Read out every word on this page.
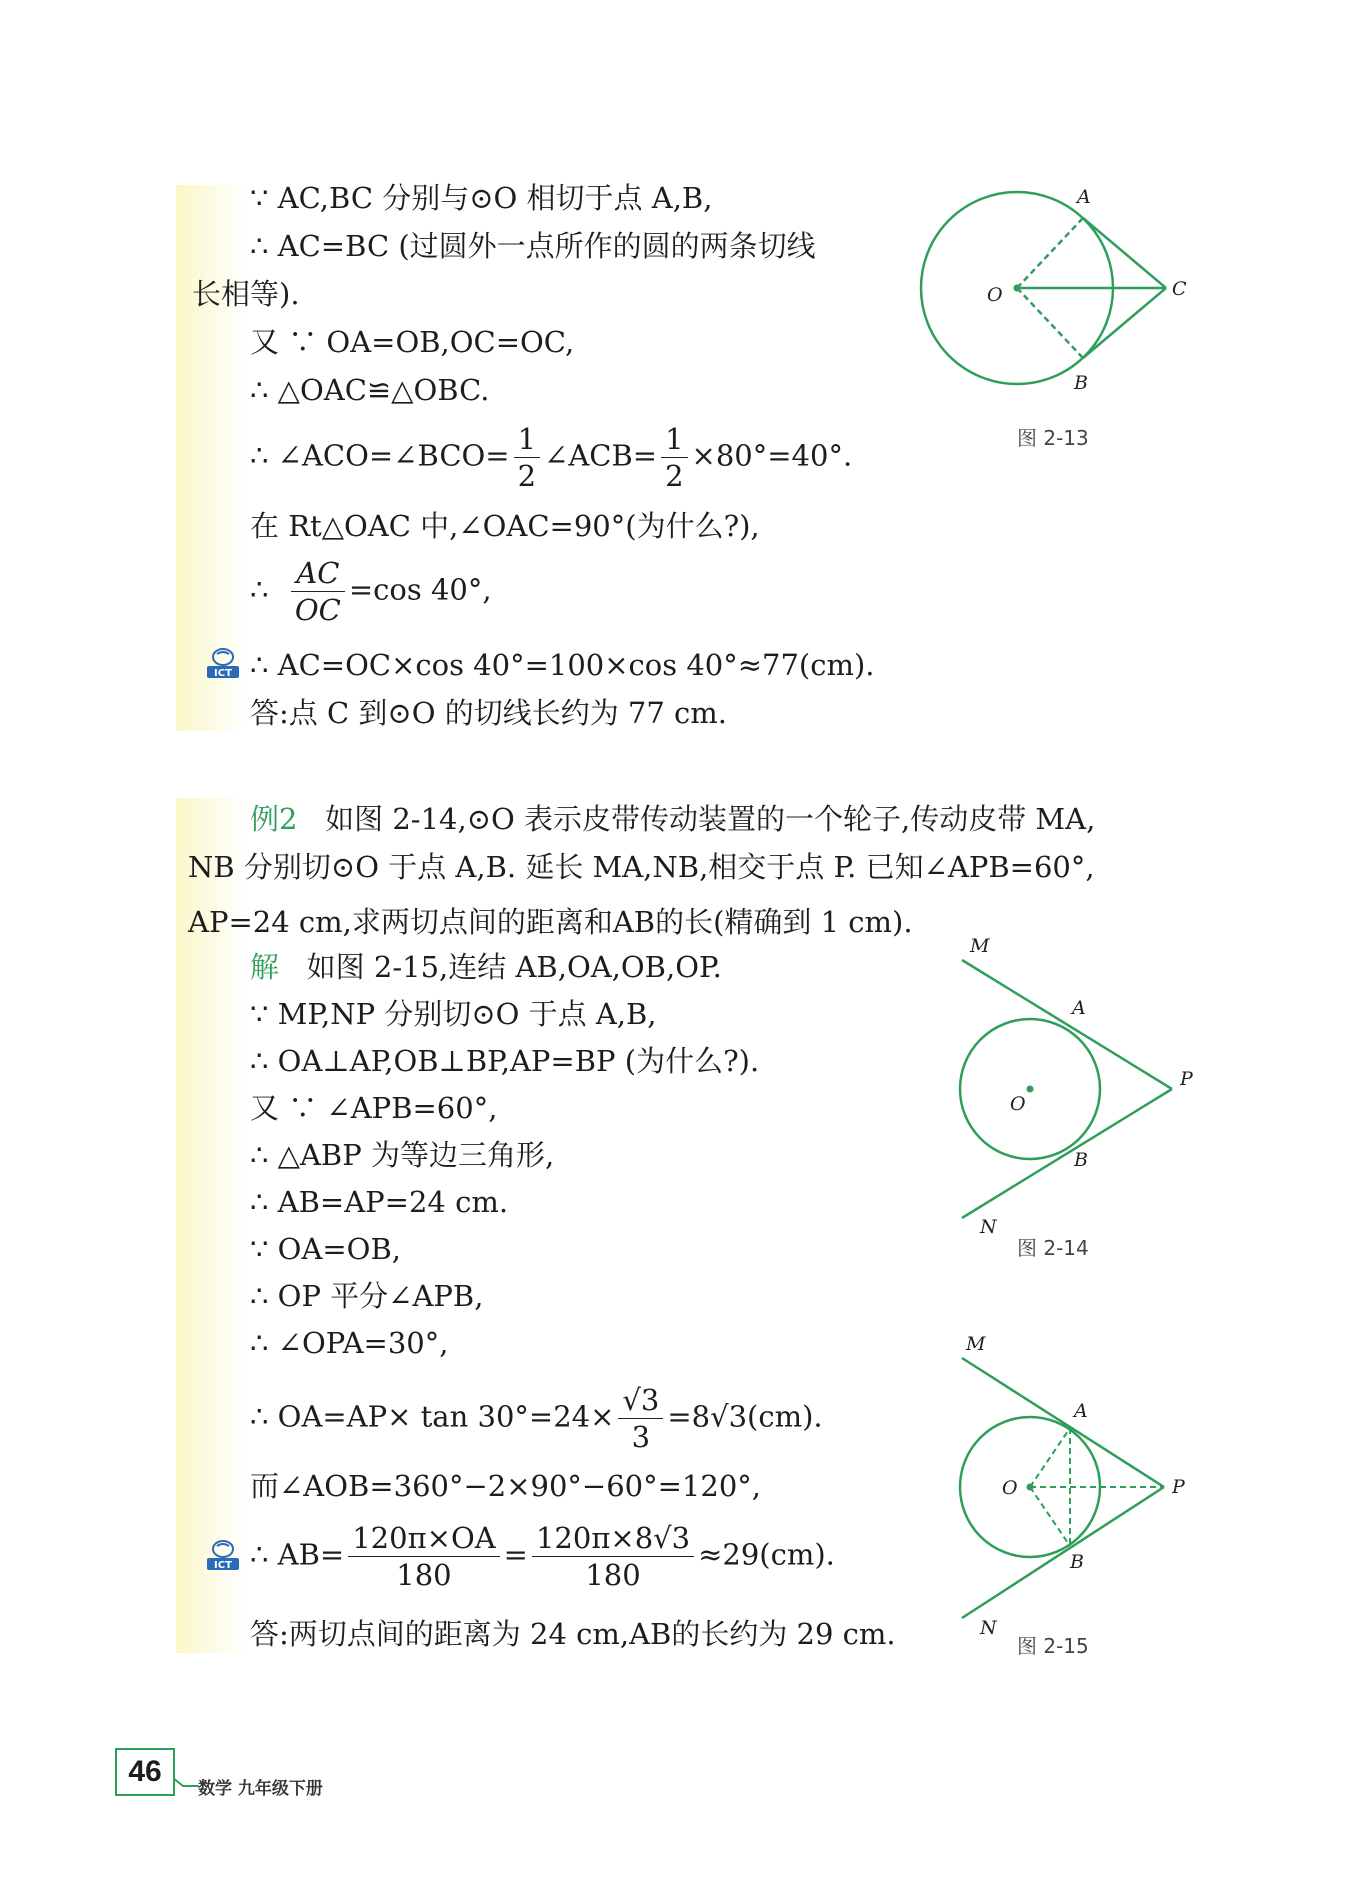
∵ AC,BC 分别与⊙O 相切于点 A,B,
∴ AC=BC (过圆外一点所作的圆的两条切线
长相等).
又 ∵ OA=OB,OC=OC,
∴ △OAC≌△OBC.
∴ ∠ACO=∠BCO= $\frac{1}{2}$ ∠ACB= $\frac{1}{2} \times 80^\circ=40^\circ$.
在 Rt△OAC 中,∠OAC=90°(为什么?),
∴ $\frac{AC}{OC} =\cos$ 40°,
∴ AC=OC×cos 40°=100×cos 40°≈77(cm).
答:点 C 到⊙O 的切线长约为 77 cm.
ICT
ICT
A
C
O
B
图 2-13
例2 如图 2-14,⊙O 表示皮带传动装置的一个轮子,传动皮带 MA,
NB 分别切⊙O 于点 A,B. 延长 MA,NB,相交于点 P. 已知∠APB=60°,
AP=24 cm,求两切点间的距离和AB的长(精确到 1 cm).
解 如图 2-15,连结 AB,OA,OB,OP.
∵ MP,NP 分别切⊙O 于点 A,B,
∴ OA⊥AP,OB⊥BP,AP=BP (为什么?).
又 ∵ ∠APB=60°,
∴ △ABP 为等边三角形,
∴ AB=AP=24 cm.
∵ OA=OB,
∴ OP 平分∠APB,
∴ ∠OPA=30°,
∴ $OA=AP\times \tan 30^\circ=24\times \frac{√3}{3} =8√3(cm)$.
而∠AOB=360°−2×90°−60°=120°,
∴ $AB= \frac{120\pi\times OA}{180} = \frac{120\pi\times 8√3}{180} \approx 29(cm)$.
答:两切点间的距离为 24 cm,AB的长约为 29 cm.
M
A
P
O
B
N
图 2-14
M
A
P
O
B
N
图 2-15
46
数学 九年级下册
